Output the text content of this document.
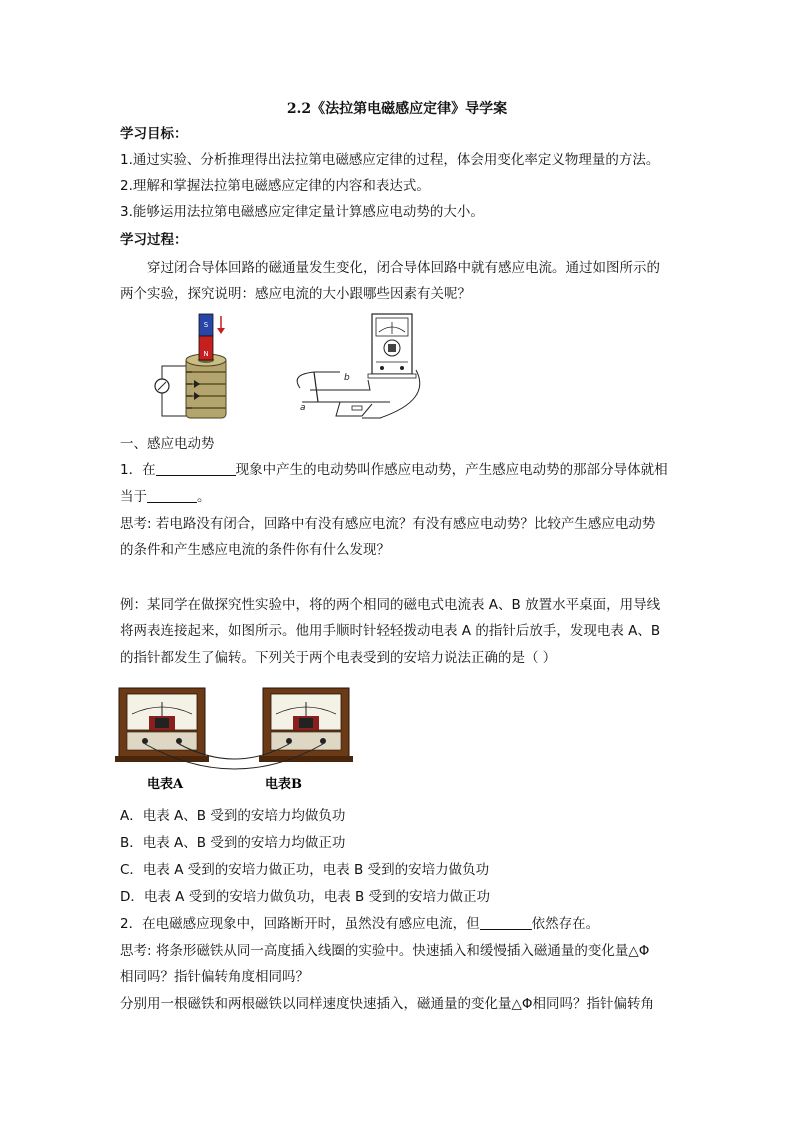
2.2《法拉第电磁感应定律》导学案
学习目标：
1.通过实验、分析推理得出法拉第电磁感应定律的过程，体会用变化率定义物理量的方法。
2.理解和掌握法拉第电磁感应定律的内容和表达式。
3.能够运用法拉第电磁感应定律定量计算感应电动势的大小。
学习过程：
穿过闭合导体回路的磁通量发生变化，闭合导体回路中就有感应电流。通过如图所示的
两个实验，探究说明：感应电流的大小跟哪些因素有关呢？
S
N
b
a
一、感应电动势
1．在	现象中产生的电动势叫作感应电动势，产生感应电动势的那部分导体就相
当于	。
思考: 若电路没有闭合，回路中有没有感应电流？有没有感应电动势？比较产生感应电动势
的条件和产生感应电流的条件你有什么发现？
例：某同学在做探究性实验中，将的两个相同的磁电式电流表 A、B 放置水平桌面，用导线
将两表连接起来，如图所示。他用手顺时针轻轻拨动电表 A 的指针后放手，发现电表 A、B
的指针都发生了偏转。下列关于两个电表受到的安培力说法正确的是（ ）
电表A	电表B
A．电表 A、B 受到的安培力均做负功
B．电表 A、B 受到的安培力均做正功
C．电表 A 受到的安培力做正功，电表 B 受到的安培力做负功
D．电表 A 受到的安培力做负功，电表 B 受到的安培力做正功
2．在电磁感应现象中，回路断开时，虽然没有感应电流，但	依然存在。
思考: 将条形磁铁从同一高度插入线圈的实验中。快速插入和缓慢插入磁通量的变化量△Φ
相同吗？指针偏转角度相同吗？
分别用一根磁铁和两根磁铁以同样速度快速插入，磁通量的变化量△Φ相同吗？指针偏转角
